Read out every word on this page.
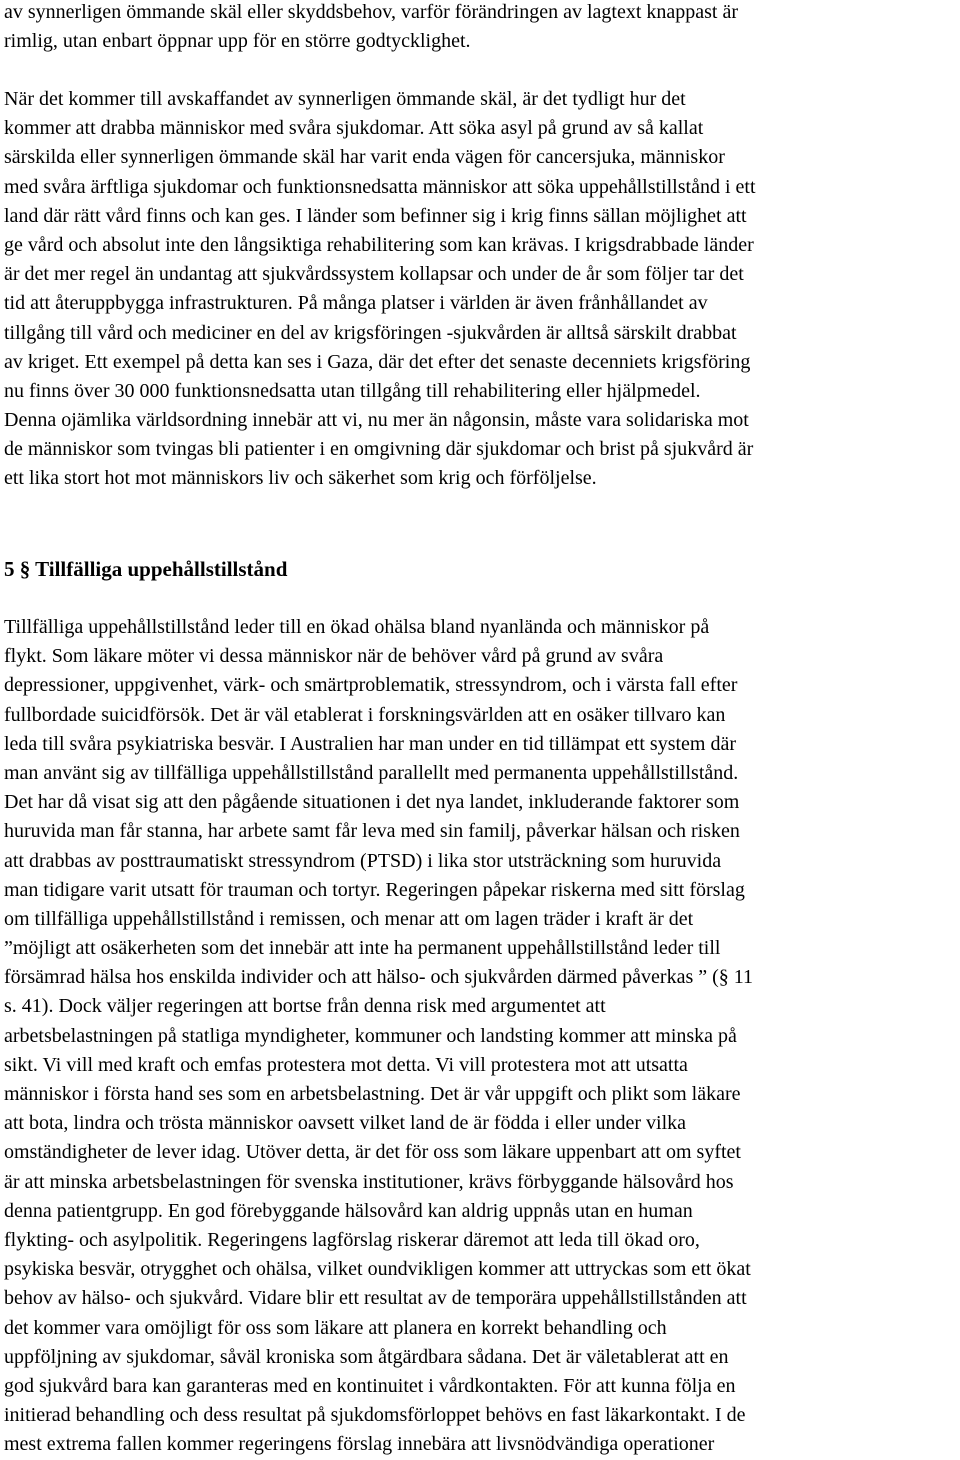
av synnerligen ömmande skäl eller skyddsbehov, varför förändringen av lagtext knappast är
rimlig, utan enbart öppnar upp för en större godtycklighet.

När det kommer till avskaffandet av synnerligen ömmande skäl, är det tydligt hur det
kommer att drabba människor med svåra sjukdomar. Att söka asyl på grund av så kallat
särskilda eller synnerligen ömmande skäl har varit enda vägen för cancersjuka, människor
med svåra ärftliga sjukdomar och funktionsnedsatta människor att söka uppehållstillstånd i ett
land där rätt vård finns och kan ges. I länder som befinner sig i krig finns sällan möjlighet att
ge vård och absolut inte den långsiktiga rehabilitering som kan krävas. I krigsdrabbade länder
är det mer regel än undantag att sjukvårdssystem kollapsar och under de år som följer tar det
tid att återuppbygga infrastrukturen. På många platser i världen är även frånhållandet av
tillgång till vård och mediciner en del av krigsföringen -sjukvården är alltså särskilt drabbat
av kriget. Ett exempel på detta kan ses i Gaza, där det efter det senaste decenniets krigsföring
nu finns över 30 000 funktionsnedsatta utan tillgång till rehabilitering eller hjälpmedel.
Denna ojämlika världsordning innebär att vi, nu mer än någonsin, måste vara solidariska mot
de människor som tvingas bli patienter i en omgivning där sjukdomar och brist på sjukvård är
ett lika stort hot mot människors liv och säkerhet som krig och förföljelse.

5 § Tillfälliga uppehållstillstånd

Tillfälliga uppehållstillstånd leder till en ökad ohälsa bland nyanlända och människor på
flykt. Som läkare möter vi dessa människor när de behöver vård på grund av svåra
depressioner, uppgivenhet, värk- och smärtproblematik, stressyndrom, och i värsta fall efter
fullbordade suicidförsök. Det är väl etablerat i forskningsvärlden att en osäker tillvaro kan
leda till svåra psykiatriska besvär. I Australien har man under en tid tillämpat ett system där
man använt sig av tillfälliga uppehållstillstånd parallellt med permanenta uppehållstillstånd.
Det har då visat sig att den pågående situationen i det nya landet, inkluderande faktorer som
huruvida man får stanna, har arbete samt får leva med sin familj, påverkar hälsan och risken
att drabbas av posttraumatiskt stressyndrom (PTSD) i lika stor utsträckning som huruvida
man tidigare varit utsatt för trauman och tortyr. Regeringen påpekar riskerna med sitt förslag
om tillfälliga uppehållstillstånd i remissen, och menar att om lagen träder i kraft är det
”möjligt att osäkerheten som det innebär att inte ha permanent uppehållstillstånd leder till
försämrad hälsa hos enskilda individer och att hälso- och sjukvården därmed påverkas ” (§ 11
s. 41). Dock väljer regeringen att bortse från denna risk med argumentet att
arbetsbelastningen på statliga myndigheter, kommuner och landsting kommer att minska på
sikt. Vi vill med kraft och emfas protestera mot detta. Vi vill protestera mot att utsatta
människor i första hand ses som en arbetsbelastning. Det är vår uppgift och plikt som läkare
att bota, lindra och trösta människor oavsett vilket land de är födda i eller under vilka
omständigheter de lever idag. Utöver detta, är det för oss som läkare uppenbart att om syftet
är att minska arbetsbelastningen för svenska institutioner, krävs förbyggande hälsovård hos
denna patientgrupp. En god förebyggande hälsovård kan aldrig uppnås utan en human
flykting- och asylpolitik. Regeringens lagförslag riskerar däremot att leda till ökad oro,
psykiska besvär, otrygghet och ohälsa, vilket oundvikligen kommer att uttryckas som ett ökat
behov av hälso- och sjukvård. Vidare blir ett resultat av de temporära uppehållstillstånden att
det kommer vara omöjligt för oss som läkare att planera en korrekt behandling och
uppföljning av sjukdomar, såväl kroniska som åtgärdbara sådana. Det är väletablerat att en
god sjukvård bara kan garanteras med en kontinuitet i vårdkontakten. För att kunna följa en
initierad behandling och dess resultat på sjukdomsförloppet behövs en fast läkarkontakt. I de
mest extrema fallen kommer regeringens förslag innebära att livsnödvändiga operationer
